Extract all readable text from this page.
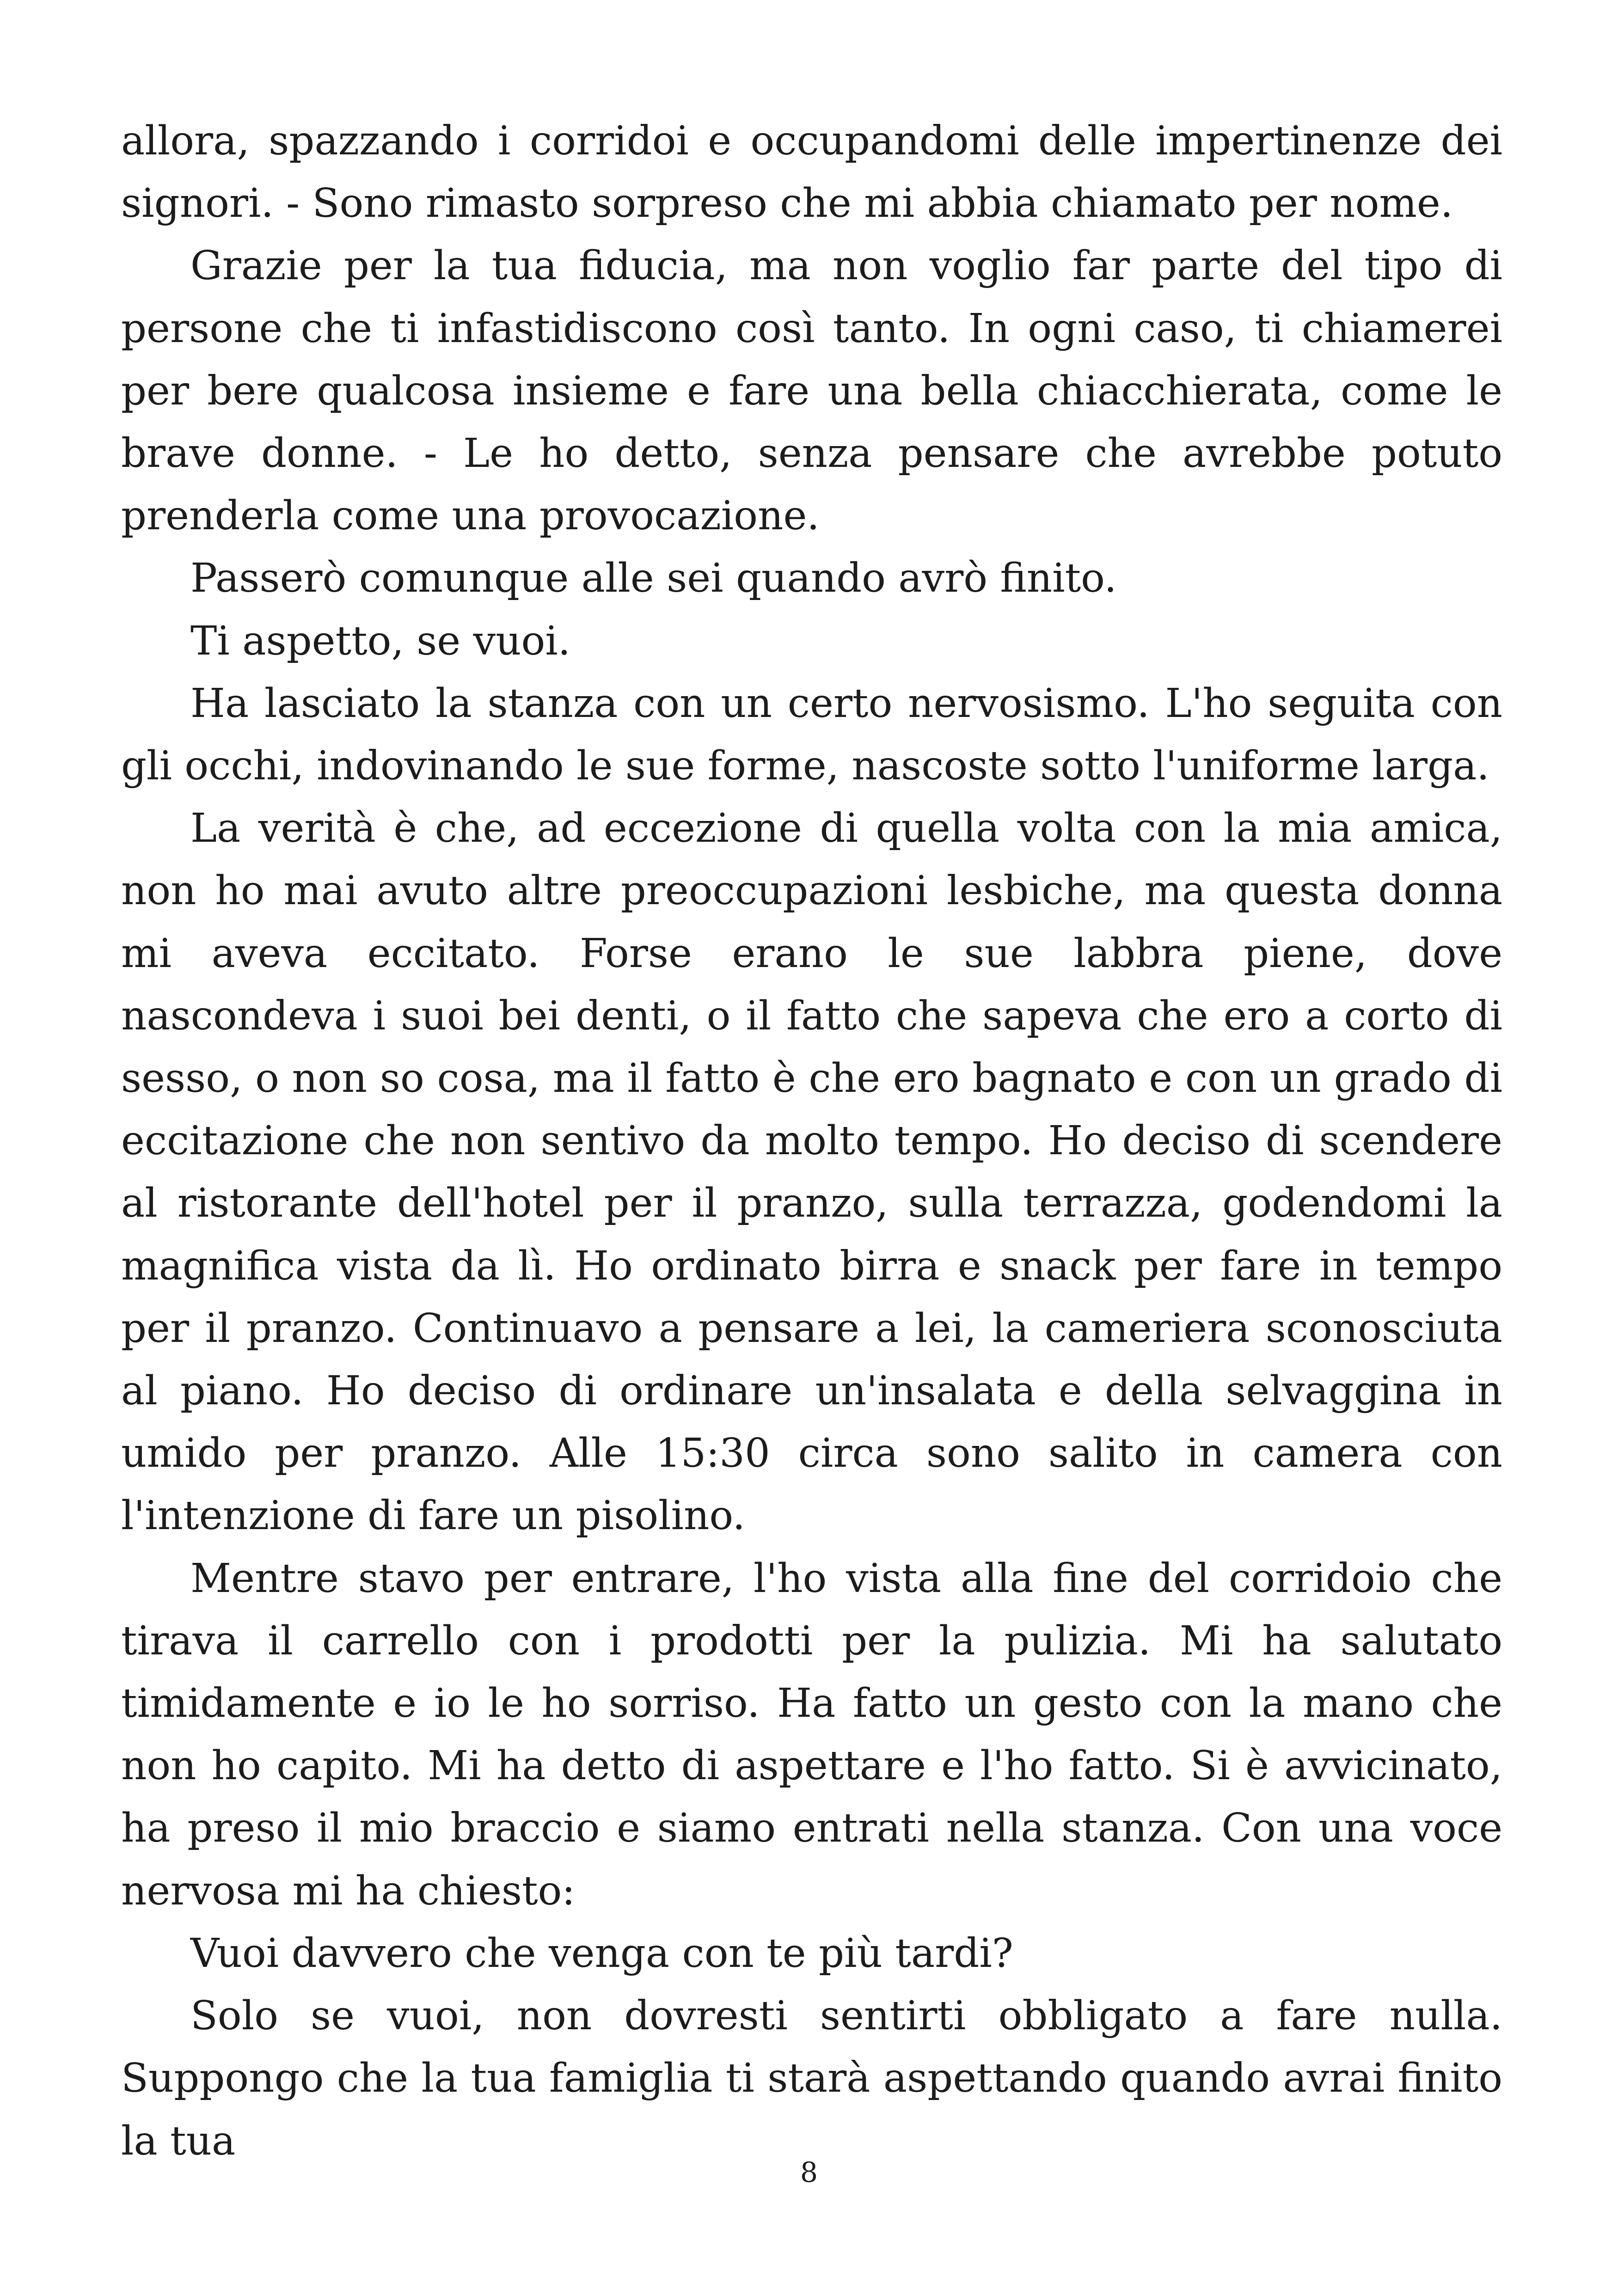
allora, spazzando i corridoi e occupandomi delle impertinenze dei signori. - Sono rimasto sorpreso che mi abbia chiamato per nome.

Grazie per la tua fiducia, ma non voglio far parte del tipo di persone che ti infastidiscono così tanto. In ogni caso, ti chiamerei per bere qualcosa insieme e fare una bella chiacchierata, come le brave donne. - Le ho detto, senza pensare che avrebbe potuto prenderla come una provocazione.

Passerò comunque alle sei quando avrò finito.

Ti aspetto, se vuoi.

Ha lasciato la stanza con un certo nervosismo. L'ho seguita con gli occhi, indovinando le sue forme, nascoste sotto l'uniforme larga.

La verità è che, ad eccezione di quella volta con la mia amica, non ho mai avuto altre preoccupazioni lesbiche, ma questa donna mi aveva eccitato. Forse erano le sue labbra piene, dove nascondeva i suoi bei denti, o il fatto che sapeva che ero a corto di sesso, o non so cosa, ma il fatto è che ero bagnato e con un grado di eccitazione che non sentivo da molto tempo. Ho deciso di scendere al ristorante dell'hotel per il pranzo, sulla terrazza, godendomi la magnifica vista da lì. Ho ordinato birra e snack per fare in tempo per il pranzo. Continuavo a pensare a lei, la cameriera sconosciuta al piano. Ho deciso di ordinare un'insalata e della selvaggina in umido per pranzo. Alle 15:30 circa sono salito in camera con l'intenzione di fare un pisolino.

Mentre stavo per entrare, l'ho vista alla fine del corridoio che tirava il carrello con i prodotti per la pulizia. Mi ha salutato timidamente e io le ho sorriso. Ha fatto un gesto con la mano che non ho capito. Mi ha detto di aspettare e l'ho fatto. Si è avvicinato, ha preso il mio braccio e siamo entrati nella stanza. Con una voce nervosa mi ha chiesto:

Vuoi davvero che venga con te più tardi?

Solo se vuoi, non dovresti sentirti obbligato a fare nulla. Suppongo che la tua famiglia ti starà aspettando quando avrai finito la tua

8
